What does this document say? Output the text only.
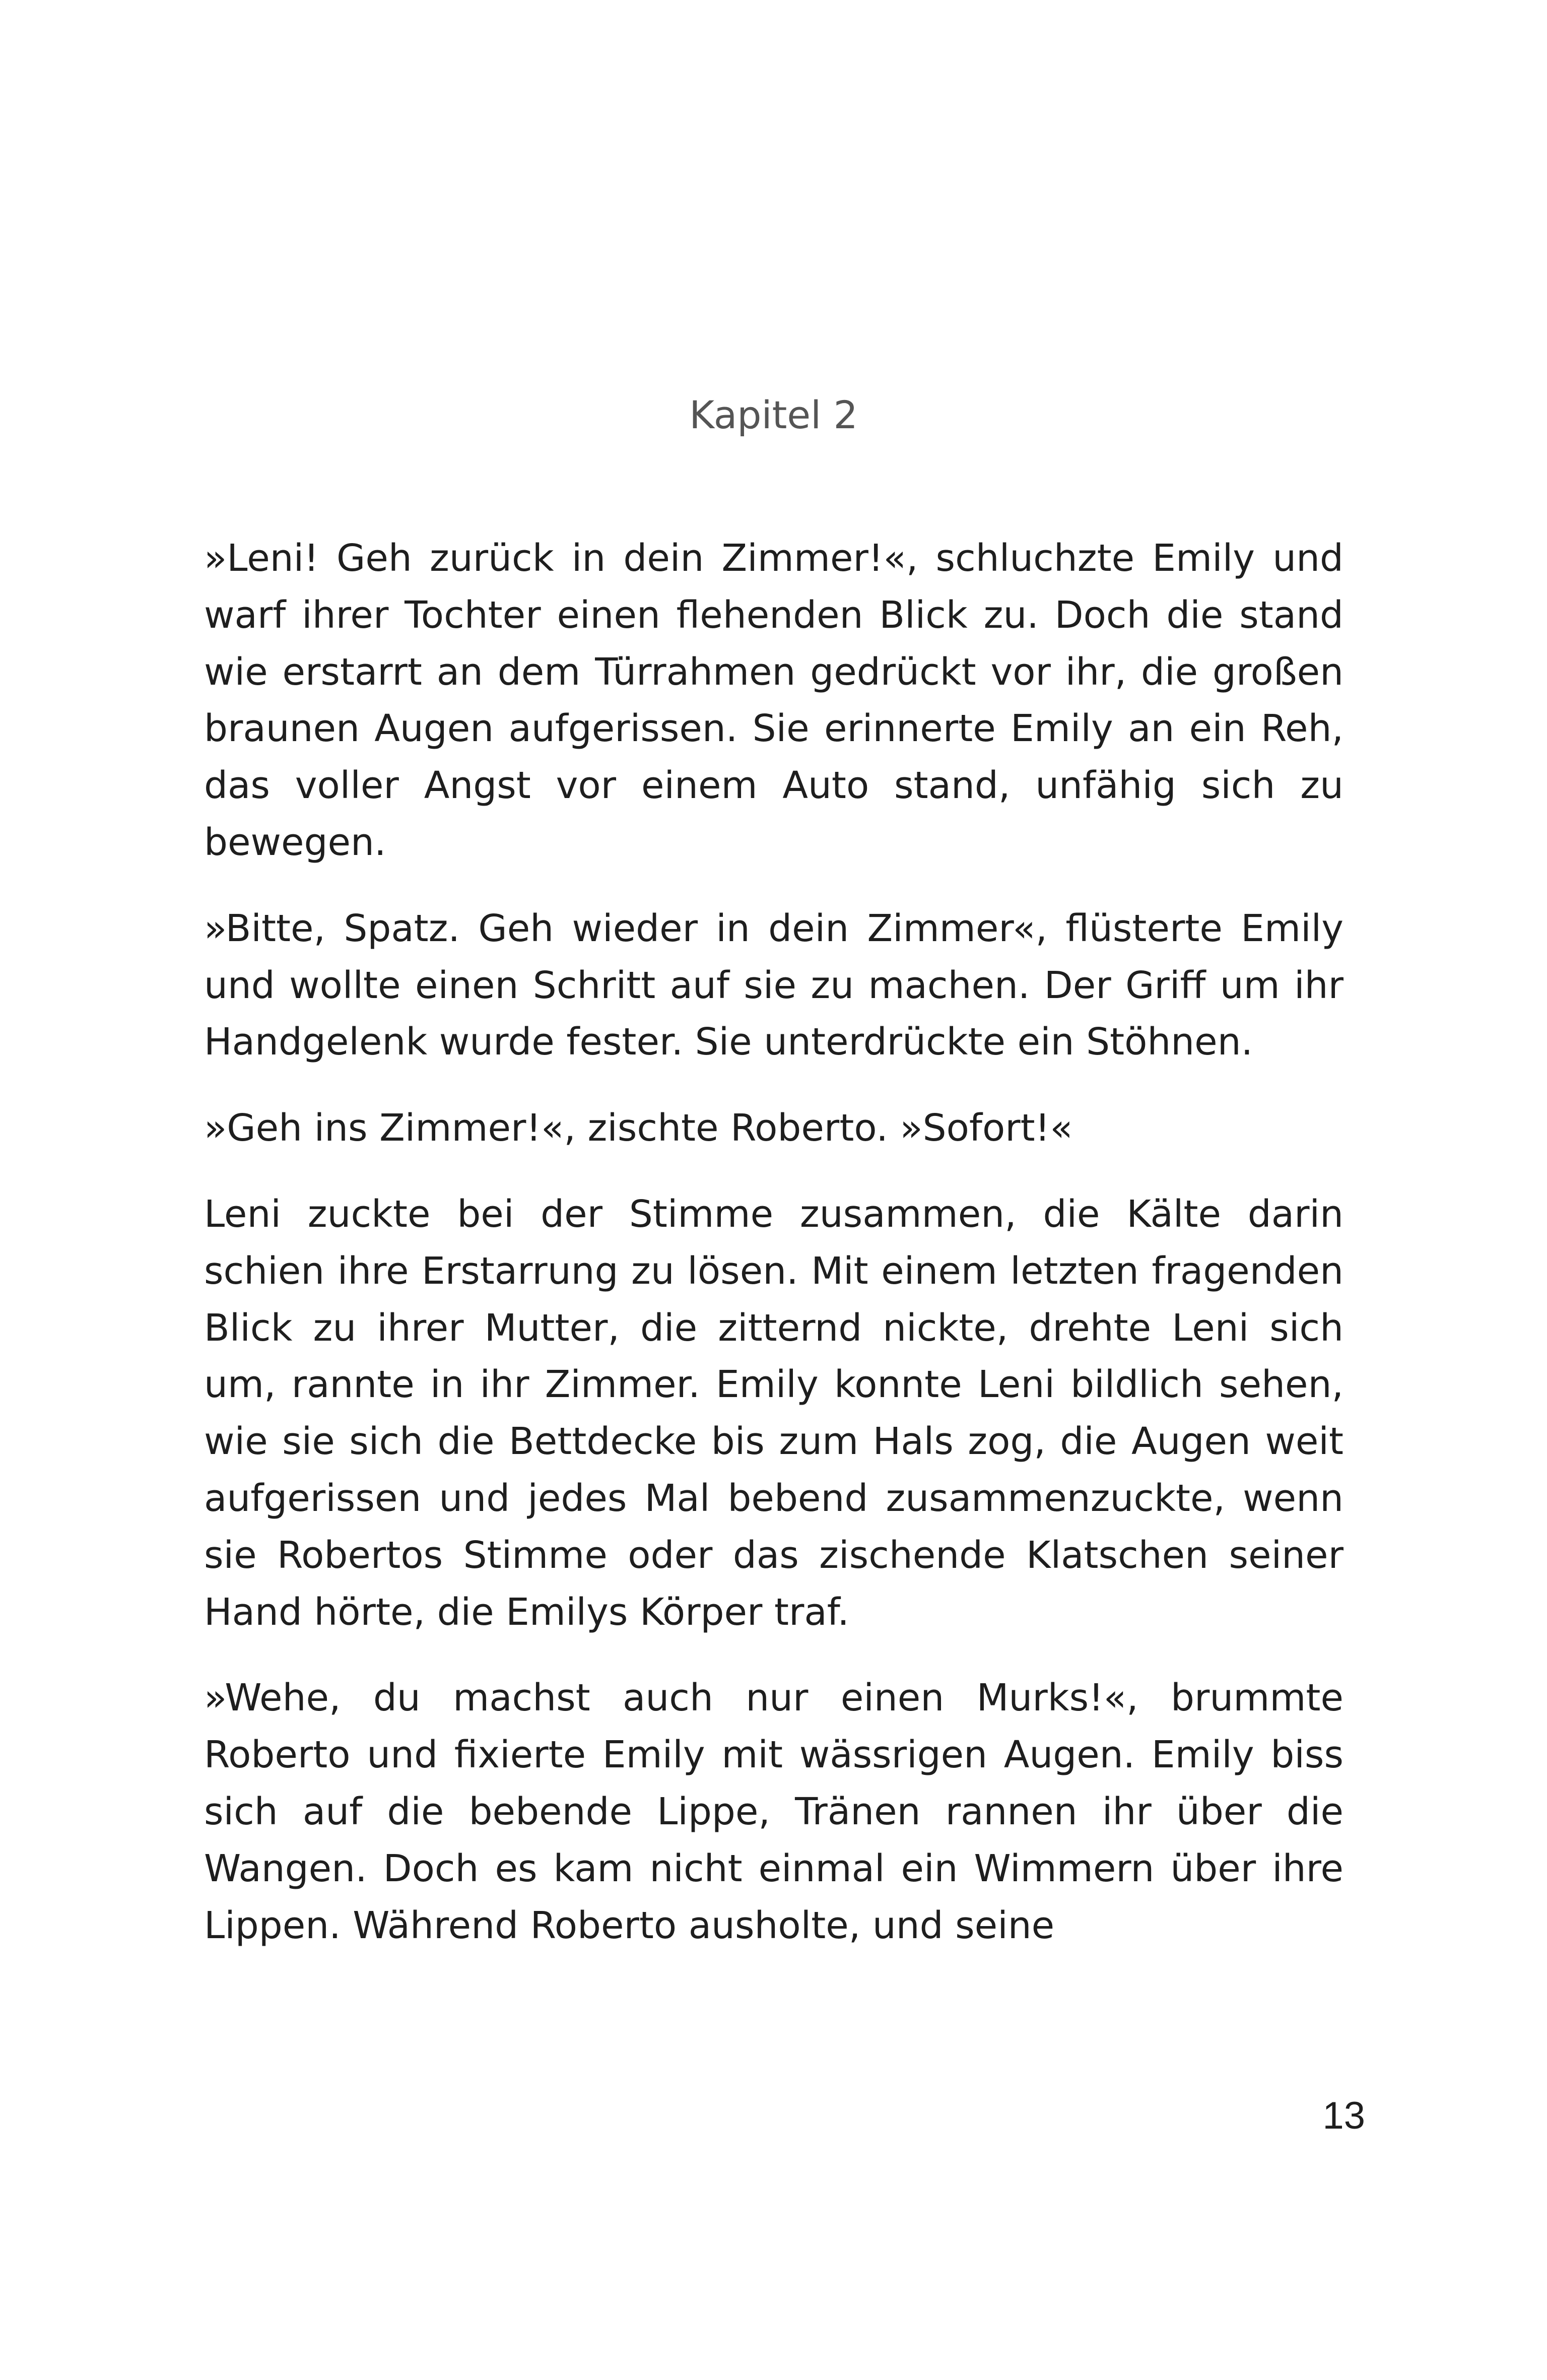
Kapitel 2

»Leni! Geh zurück in dein Zimmer!«, schluchzte Emily und warf ihrer Tochter einen flehenden Blick zu. Doch die stand wie erstarrt an dem Türrahmen gedrückt vor ihr, die großen braunen Augen aufgerissen. Sie erinnerte Emily an ein Reh, das voller Angst vor einem Auto stand, unfähig sich zu bewegen.

»Bitte, Spatz. Geh wieder in dein Zimmer«, flüsterte Emily und wollte einen Schritt auf sie zu machen. Der Griff um ihr Handgelenk wurde fester. Sie unterdrückte ein Stöhnen.

»Geh ins Zimmer!«, zischte Roberto. »Sofort!«

Leni zuckte bei der Stimme zusammen, die Kälte darin schien ihre Erstarrung zu lösen. Mit einem letzten fragenden Blick zu ihrer Mutter, die zitternd nickte, drehte Leni sich um, rannte in ihr Zimmer. Emily konnte Leni bildlich sehen, wie sie sich die Bettdecke bis zum Hals zog, die Augen weit aufgerissen und jedes Mal bebend zusammenzuckte, wenn sie Robertos Stimme oder das zischende Klatschen seiner Hand hörte, die Emilys Körper traf.

»Wehe, du machst auch nur einen Murks!«, brummte Roberto und fixierte Emily mit wässrigen Augen. Emily biss sich auf die bebende Lippe, Tränen rannen ihr über die Wangen. Doch es kam nicht einmal ein Wimmern über ihre Lippen. Während Roberto ausholte, und seine

13
